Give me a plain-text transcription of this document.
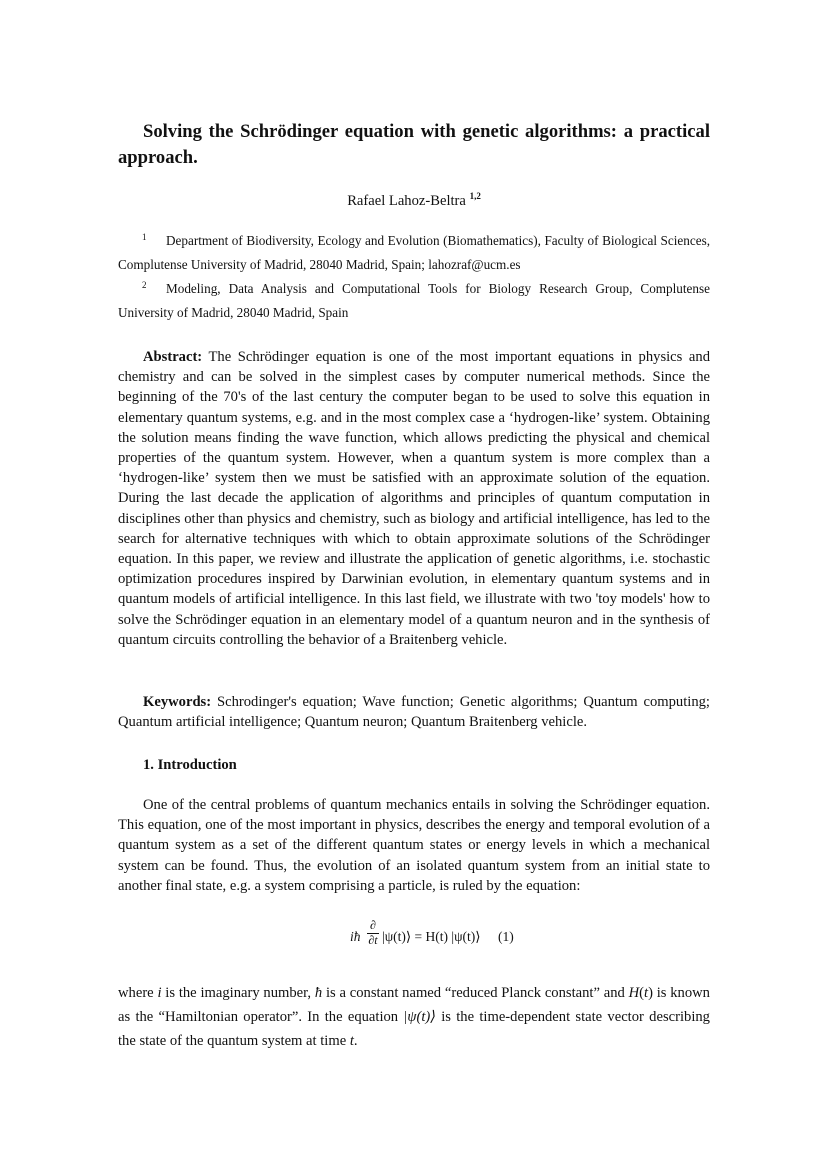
Solving the Schrödinger equation with genetic algorithms: a practical approach.
Rafael Lahoz-Beltra $^{1,2}$
1 Department of Biodiversity, Ecology and Evolution (Biomathematics), Faculty of Biological Sciences, Complutense University of Madrid, 28040 Madrid, Spain; lahozraf@ucm.es
2 Modeling, Data Analysis and Computational Tools for Biology Research Group, Complutense University of Madrid, 28040 Madrid, Spain
Abstract: The Schrödinger equation is one of the most important equations in physics and chemistry and can be solved in the simplest cases by computer numerical methods. Since the beginning of the 70's of the last century the computer began to be used to solve this equation in elementary quantum systems, e.g. and in the most complex case a ‘hydrogen-like’ system. Obtaining the solution means finding the wave function, which allows predicting the physical and chemical properties of the quantum system. However, when a quantum system is more complex than a ‘hydrogen-like’ system then we must be satisfied with an approximate solution of the equation. During the last decade the application of algorithms and principles of quantum computation in disciplines other than physics and chemistry, such as biology and artificial intelligence, has led to the search for alternative techniques with which to obtain approximate solutions of the Schrödinger equation. In this paper, we review and illustrate the application of genetic algorithms, i.e. stochastic optimization procedures inspired by Darwinian evolution, in elementary quantum systems and in quantum models of artificial intelligence. In this last field, we illustrate with two 'toy models' how to solve the Schrödinger equation in an elementary model of a quantum neuron and in the synthesis of quantum circuits controlling the behavior of a Braitenberg vehicle.
Keywords: Schrodinger's equation; Wave function; Genetic algorithms; Quantum computing; Quantum artificial intelligence; Quantum neuron; Quantum Braitenberg vehicle.
1. Introduction
One of the central problems of quantum mechanics entails in solving the Schrödinger equation. This equation, one of the most important in physics, describes the energy and temporal evolution of a quantum system as a set of the different quantum states or energy levels in which a mechanical system can be found. Thus, the evolution of an isolated quantum system from an initial state to another final state, e.g. a system comprising a particle, is ruled by the equation:
iħ
∂
∂t |ψ(t)⟩ = H(t) |ψ(t)⟩ (1)
where i is the imaginary number, ħ is a constant named “reduced Planck constant” and H(t) is known as the “Hamiltonian operator”. In the equation |ψ(t)⟩ is the time-dependent state vector describing the state of the quantum system at time t.
